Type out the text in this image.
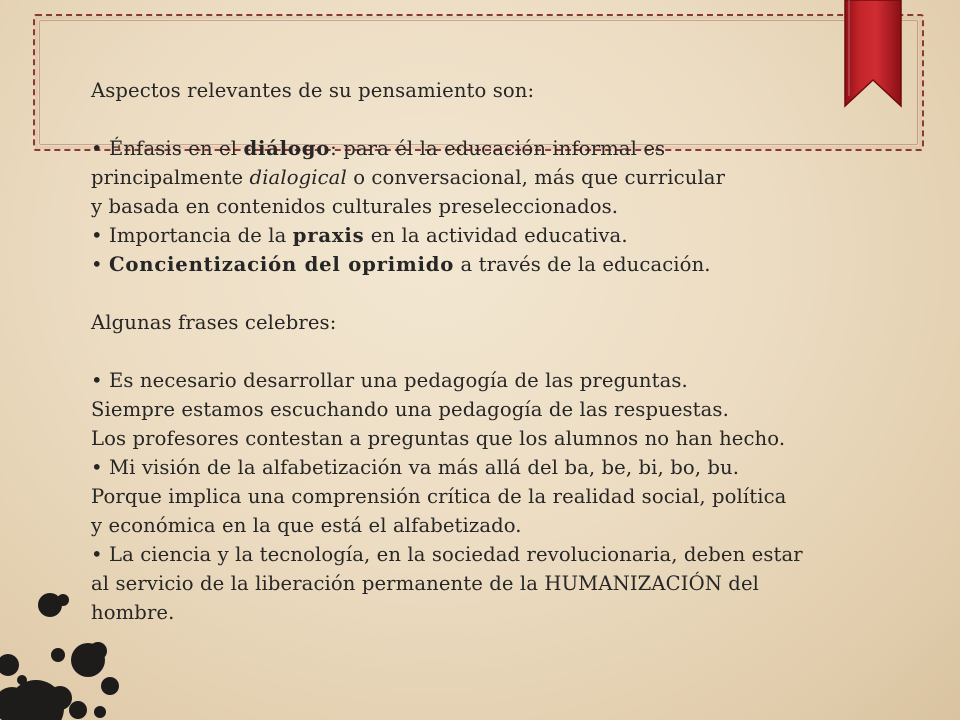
Aspectos relevantes de su pensamiento son:
• Énfasis en el diálogo: para él la educación informal es
principalmente dialogical o conversacional, más que curricular
y basada en contenidos culturales preseleccionados.
• Importancia de la praxis en la actividad educativa.
• Concientización del oprimido a través de la educación.
Algunas frases celebres:
• Es necesario desarrollar una pedagogía de las preguntas.
Siempre estamos escuchando una pedagogía de las respuestas.
Los profesores contestan a preguntas que los alumnos no han hecho.
• Mi visión de la alfabetización va más allá del ba, be, bi, bo, bu.
Porque implica una comprensión crítica de la realidad social, política
y económica en la que está el alfabetizado.
• La ciencia y la tecnología, en la sociedad revolucionaria, deben estar
al servicio de la liberación permanente de la HUMANIZACIÓN del
hombre.
